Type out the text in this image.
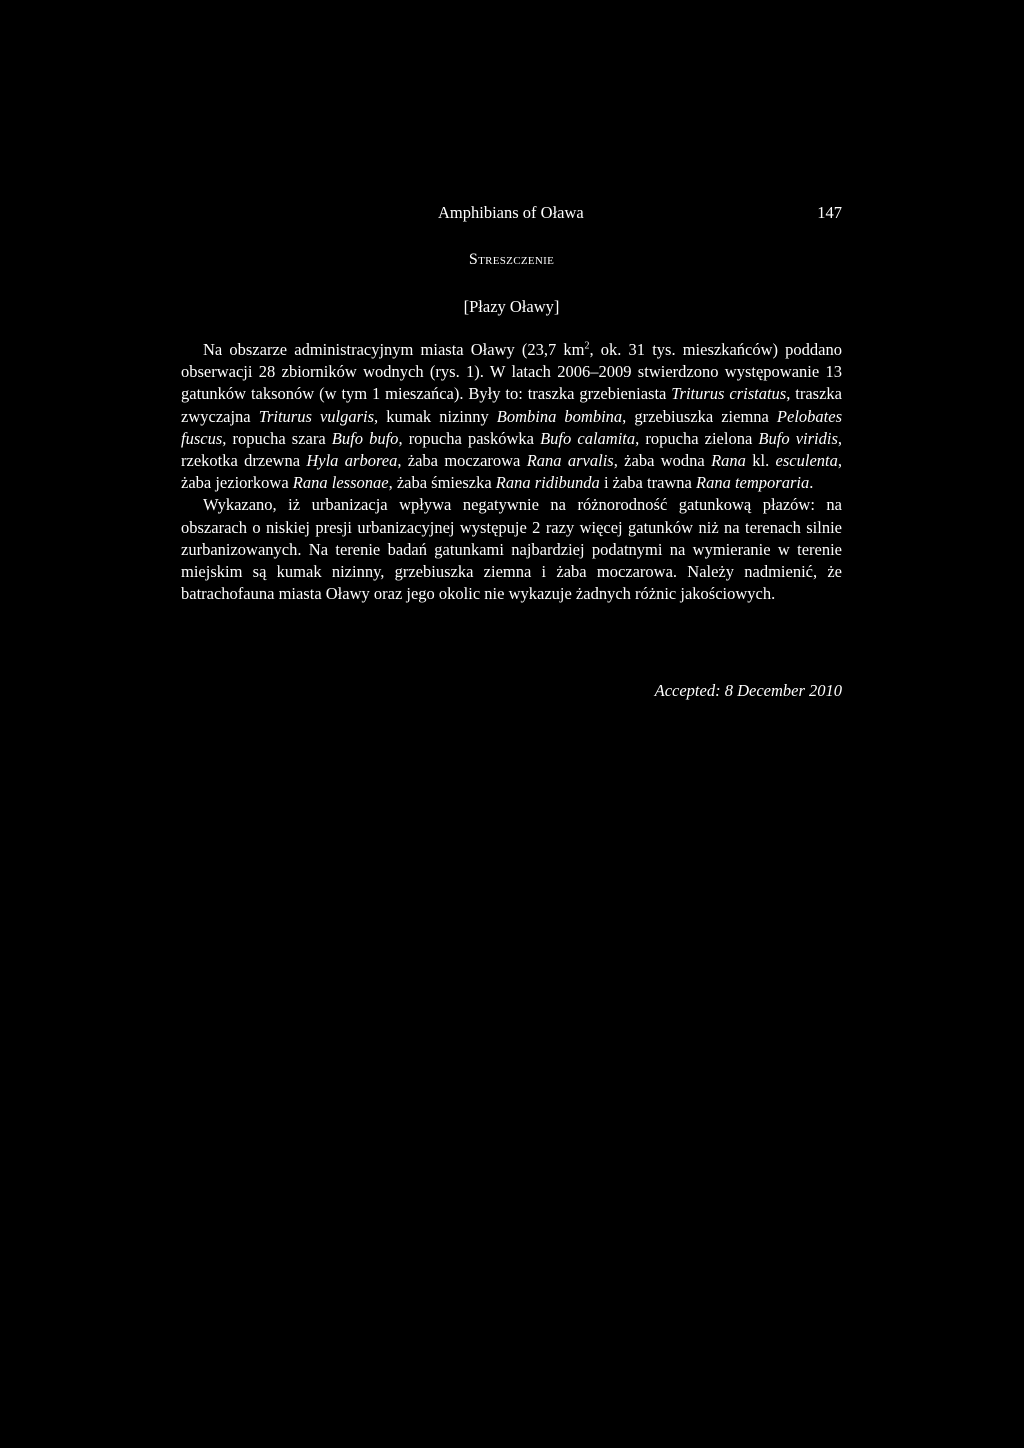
Amphibians of Oława	147
Streszczenie
[Płazy Oławy]

Na obszarze administracyjnym miasta Oławy (23,7 $km^2$, ok. 31 tys. mieszkańców) poddano obserwacji 28 zbiorników wodnych (rys. 1). W latach 2006–2009 stwierdzono występowanie 13 gatunków taksonów (w tym 1 mieszańca). Były to: traszka grzebieniasta Triturus cristatus, traszka zwyczajna Triturus vulgaris, kumak nizinny Bombina bombina, grzebiuszka ziemna Pelobates fuscus, ropucha szara Bufo bufo, ropucha paskówka Bufo calamita, ropucha zielona Bufo viridis, rzekotka drzewna Hyla arborea, żaba moczarowa Rana arvalis, żaba wodna Rana kl. esculenta, żaba jeziorkowa Rana lessonae, żaba śmieszka Rana ridibunda i żaba trawna Rana temporaria.

Wykazano, iż urbanizacja wpływa negatywnie na różnorodność gatunkową płazów: na obszarach o niskiej presji urbanizacyjnej występuje 2 razy więcej gatunków niż na terenach silnie zurbanizowanych. Na terenie badań gatunkami najbardziej podatnymi na wymieranie w terenie miejskim są kumak nizinny, grzebiuszka ziemna i żaba moczarowa. Należy nadmienić, że batrachofauna miasta Oławy oraz jego okolic nie wykazuje żadnych różnic jakościowych.

Accepted: 8 December 2010
